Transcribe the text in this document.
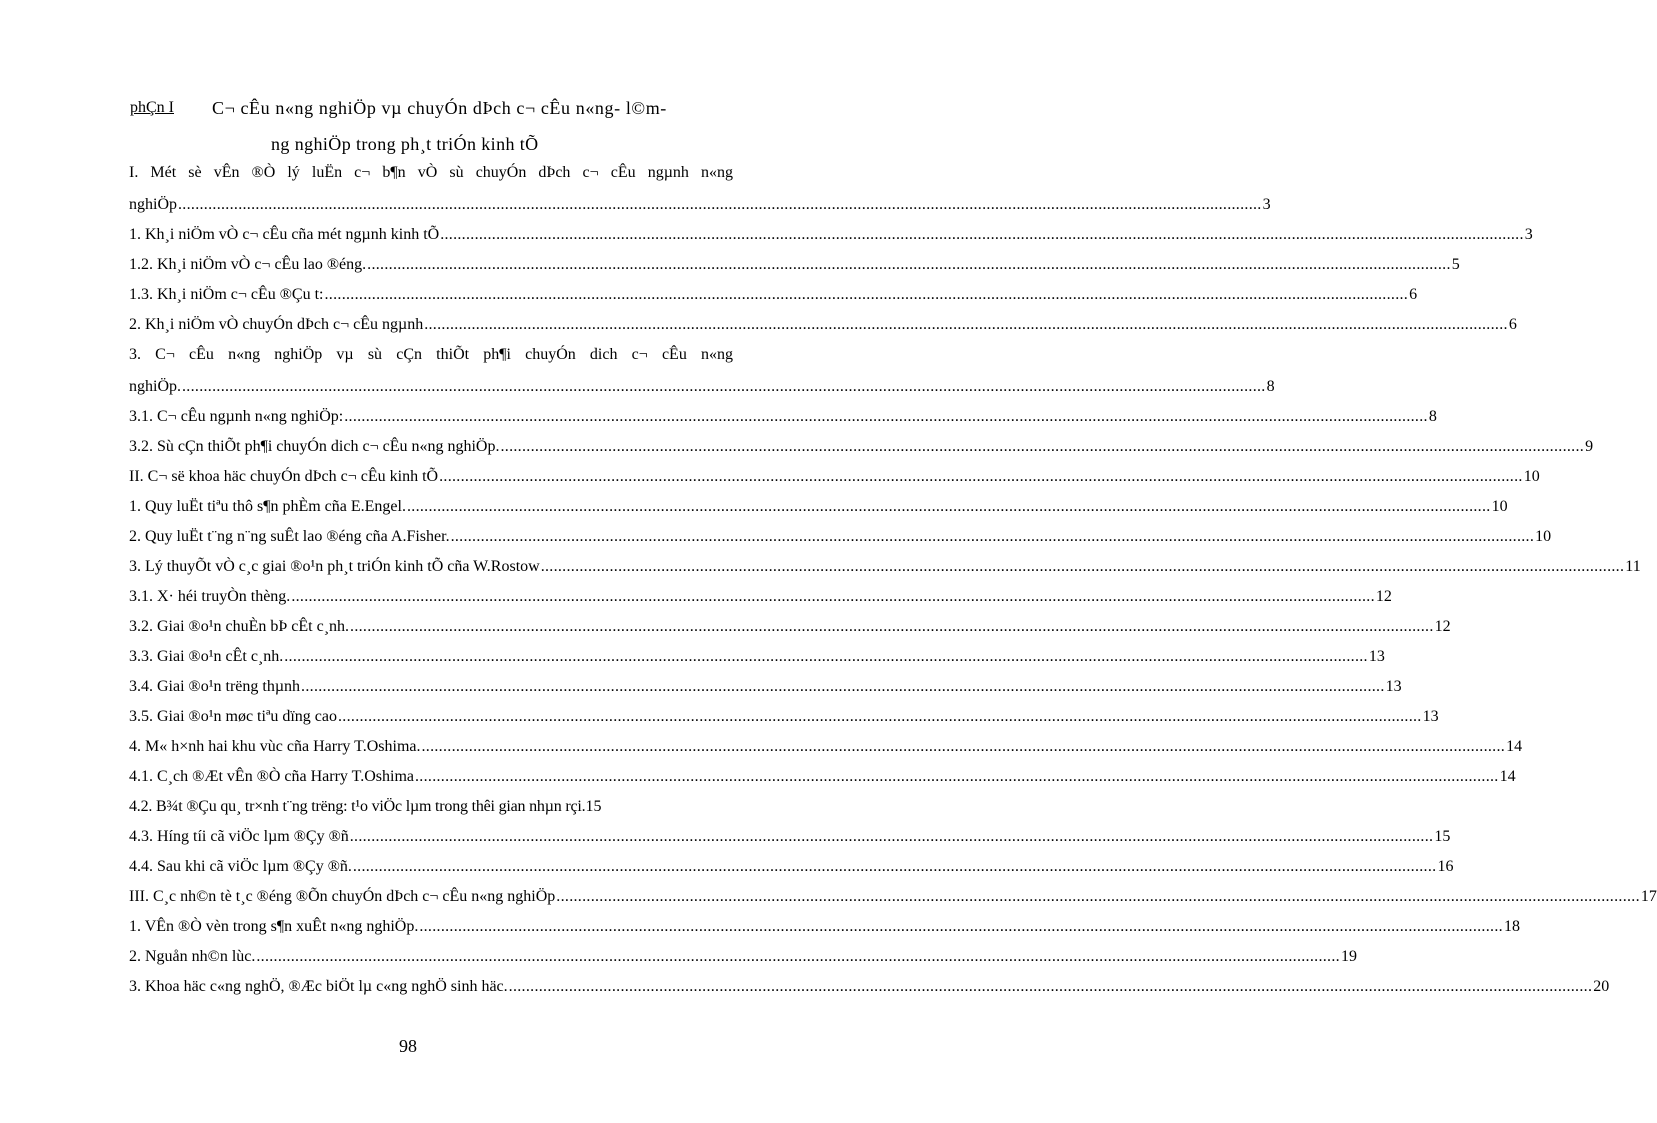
phÇn I C¬ cÊu n«ng nghiÖp vµ chuyÓn dÞch c¬ cÊu n«ng- l©m-
ng nghiÖp trong ph¸t triÓn kinh tÕ
I. Mét sè vÊn ®Ò lý luËn c¬ b¶n vÒ sù chuyÓn dÞch c¬ cÊu ngµnh n«ng
nghiÖp .....	3
1. Kh¸i niÖm vÒ c¬ cÊu cña mét ngµnh kinh tÕ .....	3
1.2. Kh¸i niÖm vÒ c¬ cÊu lao ®éng. .....	5
1.3. Kh¸i niÖm c¬ cÊu ®Çu t: .....	6
2. Kh¸i niÖm vÒ chuyÓn dÞch c¬ cÊu ngµnh .....	6
3. C¬ cÊu n«ng nghiÖp vµ sù cÇn thiÕt ph¶i chuyÓn dich c¬ cÊu n«ng
nghiÖp. .....	8
3.1. C¬ cÊu ngµnh n«ng nghiÖp: .....	8
3.2. Sù cÇn thiÕt ph¶i chuyÓn dich c¬ cÊu n«ng nghiÖp. .....	9
II. C¬ së khoa häc chuyÓn dÞch c¬ cÊu kinh tÕ .....	10
1. Quy luËt tiªu thô s¶n phÈm cña E.Engel. .....	10
2. Quy luËt t¨ng n¨ng suÊt lao ®éng cña A.Fisher. .....	10
3. Lý thuyÕt vÒ c¸c giai ®o¹n ph¸t triÓn kinh tÕ cña W.Rostow .....	11
3.1. X· héi truyÒn thèng. .....	12
3.2. Giai ®o¹n chuÈn bÞ cÊt c¸nh. .....	12
3.3. Giai ®o¹n cÊt c¸nh. .....	13
3.4. Giai ®o¹n trëng thµnh .....	13
3.5. Giai ®o¹n møc tiªu dïng cao .....	13
4. M« h×nh hai khu vùc cña Harry T.Oshima. .....	14
4.1. C¸ch ®Æt vÊn ®Ò cña Harry T.Oshima .....	14
4.2. B¾t ®Çu qu¸ tr×nh t¨ng trëng: t¹o viÖc lµm trong thêi gian nhµn rçi. 15
4.3. Híng tíi cã viÖc lµm ®Çy ®ñ .....	15
4.4. Sau khi cã viÖc lµm ®Çy ®ñ. .....	16
III. C¸c nh©n tè t¸c ®éng ®Õn chuyÓn dÞch c¬ cÊu n«ng nghiÖp .....	17
1. VÊn ®Ò vèn trong s¶n xuÊt n«ng nghiÖp. .....	18
2. Nguån nh©n lùc. .....	19
3. Khoa häc c«ng nghÖ, ®Æc biÖt lµ c«ng nghÖ sinh häc. .....	20
98
